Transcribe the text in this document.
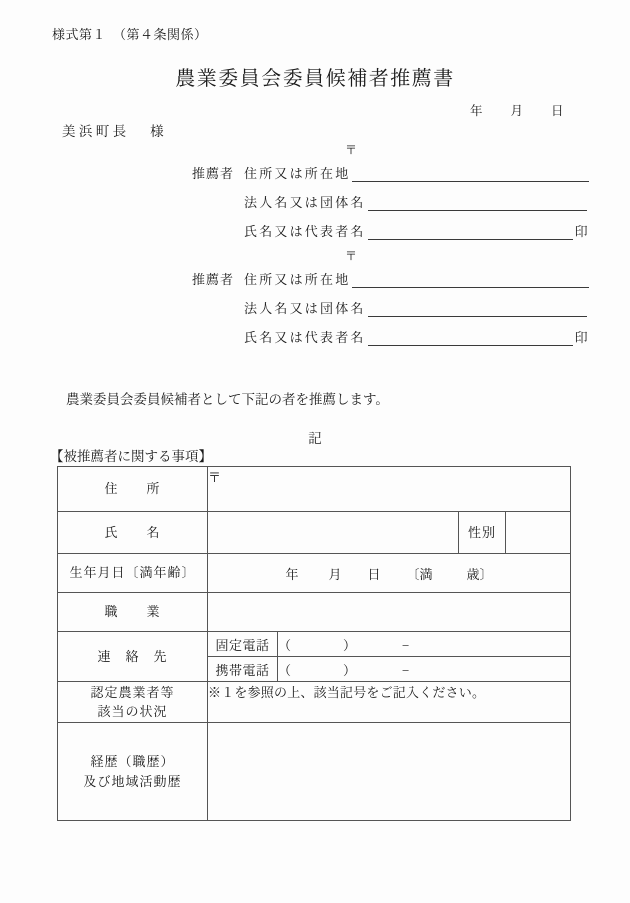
様式第１　（第４条関係）
農業委員会委員候補者推薦書
年 月 日
美 浜 町 長 様
〒
推薦者 住所又は所在地
法人名又は団体名
氏名又は代表者名	印
〒
推薦者 住所又は所在地
法人名又は団体名
氏名又は代表者名	印
農業委員会委員候補者として下記の者を推薦します。
記
【被推薦者に関する事項】
住　　所	〒			
氏　　名			性別	
生年月日〔満年齢〕	年 月 日 〔満 歳〕			
職　　業				
連　絡　先	固定電話	（ ） −		
	携帯電話	（ ） −		

認定農業者等
該当の状況	※１を参照の上、該当記号をご記入ください。			

経歴（職歴）
及び地域活動歴				
